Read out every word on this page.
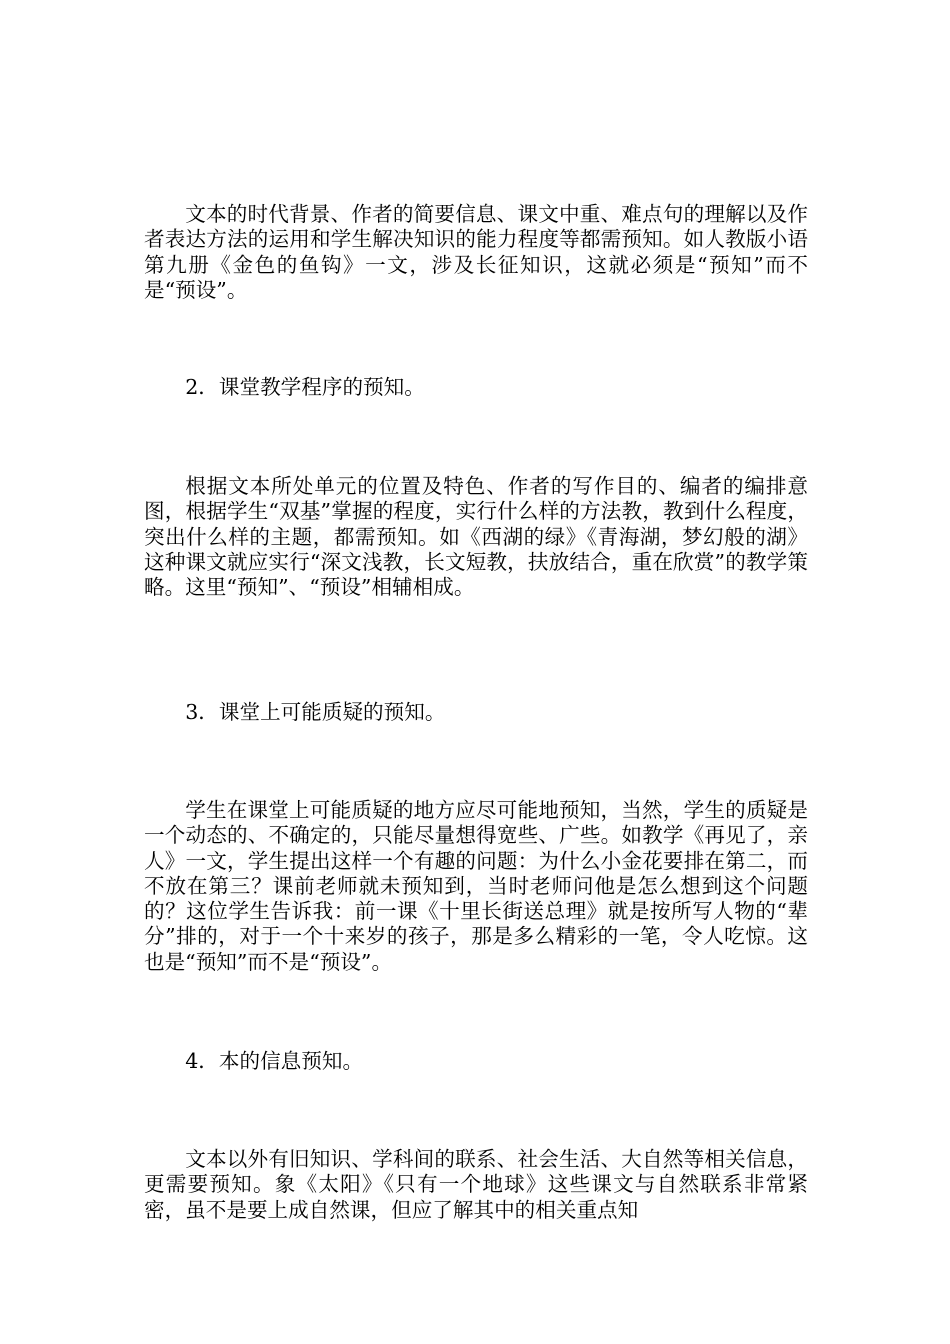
文本的时代背景、作者的简要信息、课文中重、难点句的理解以及作者表达方法的运用和学生解决知识的能力程度等都需预知。如人教版小语第九册《金色的鱼钩》一文，涉及长征知识，这就必须是“预知”而不是“预设”。

2．课堂教学程序的预知。

根据文本所处单元的位置及特色、作者的写作目的、编者的编排意图，根据学生“双基”掌握的程度，实行什么样的方法教，教到什么程度，突出什么样的主题，都需预知。如《西湖的绿》《青海湖，梦幻般的湖》这种课文就应实行“深文浅教，长文短教，扶放结合，重在欣赏”的教学策略。这里“预知”、“预设”相辅相成。

3．课堂上可能质疑的预知。

学生在课堂上可能质疑的地方应尽可能地预知，当然，学生的质疑是一个动态的、不确定的，只能尽量想得宽些、广些。如教学《再见了，亲人》一文，学生提出这样一个有趣的问题：为什么小金花要排在第二，而不放在第三？课前老师就未预知到，当时老师问他是怎么想到这个问题的？这位学生告诉我：前一课《十里长街送总理》就是按所写人物的“辈分”排的，对于一个十来岁的孩子，那是多么精彩的一笔，令人吃惊。这也是“预知”而不是“预设”。

4．本的信息预知。

文本以外有旧知识、学科间的联系、社会生活、大自然等相关信息，更需要预知。象《太阳》《只有一个地球》这些课文与自然联系非常紧密，虽不是要上成自然课，但应了解其中的相关重点知
